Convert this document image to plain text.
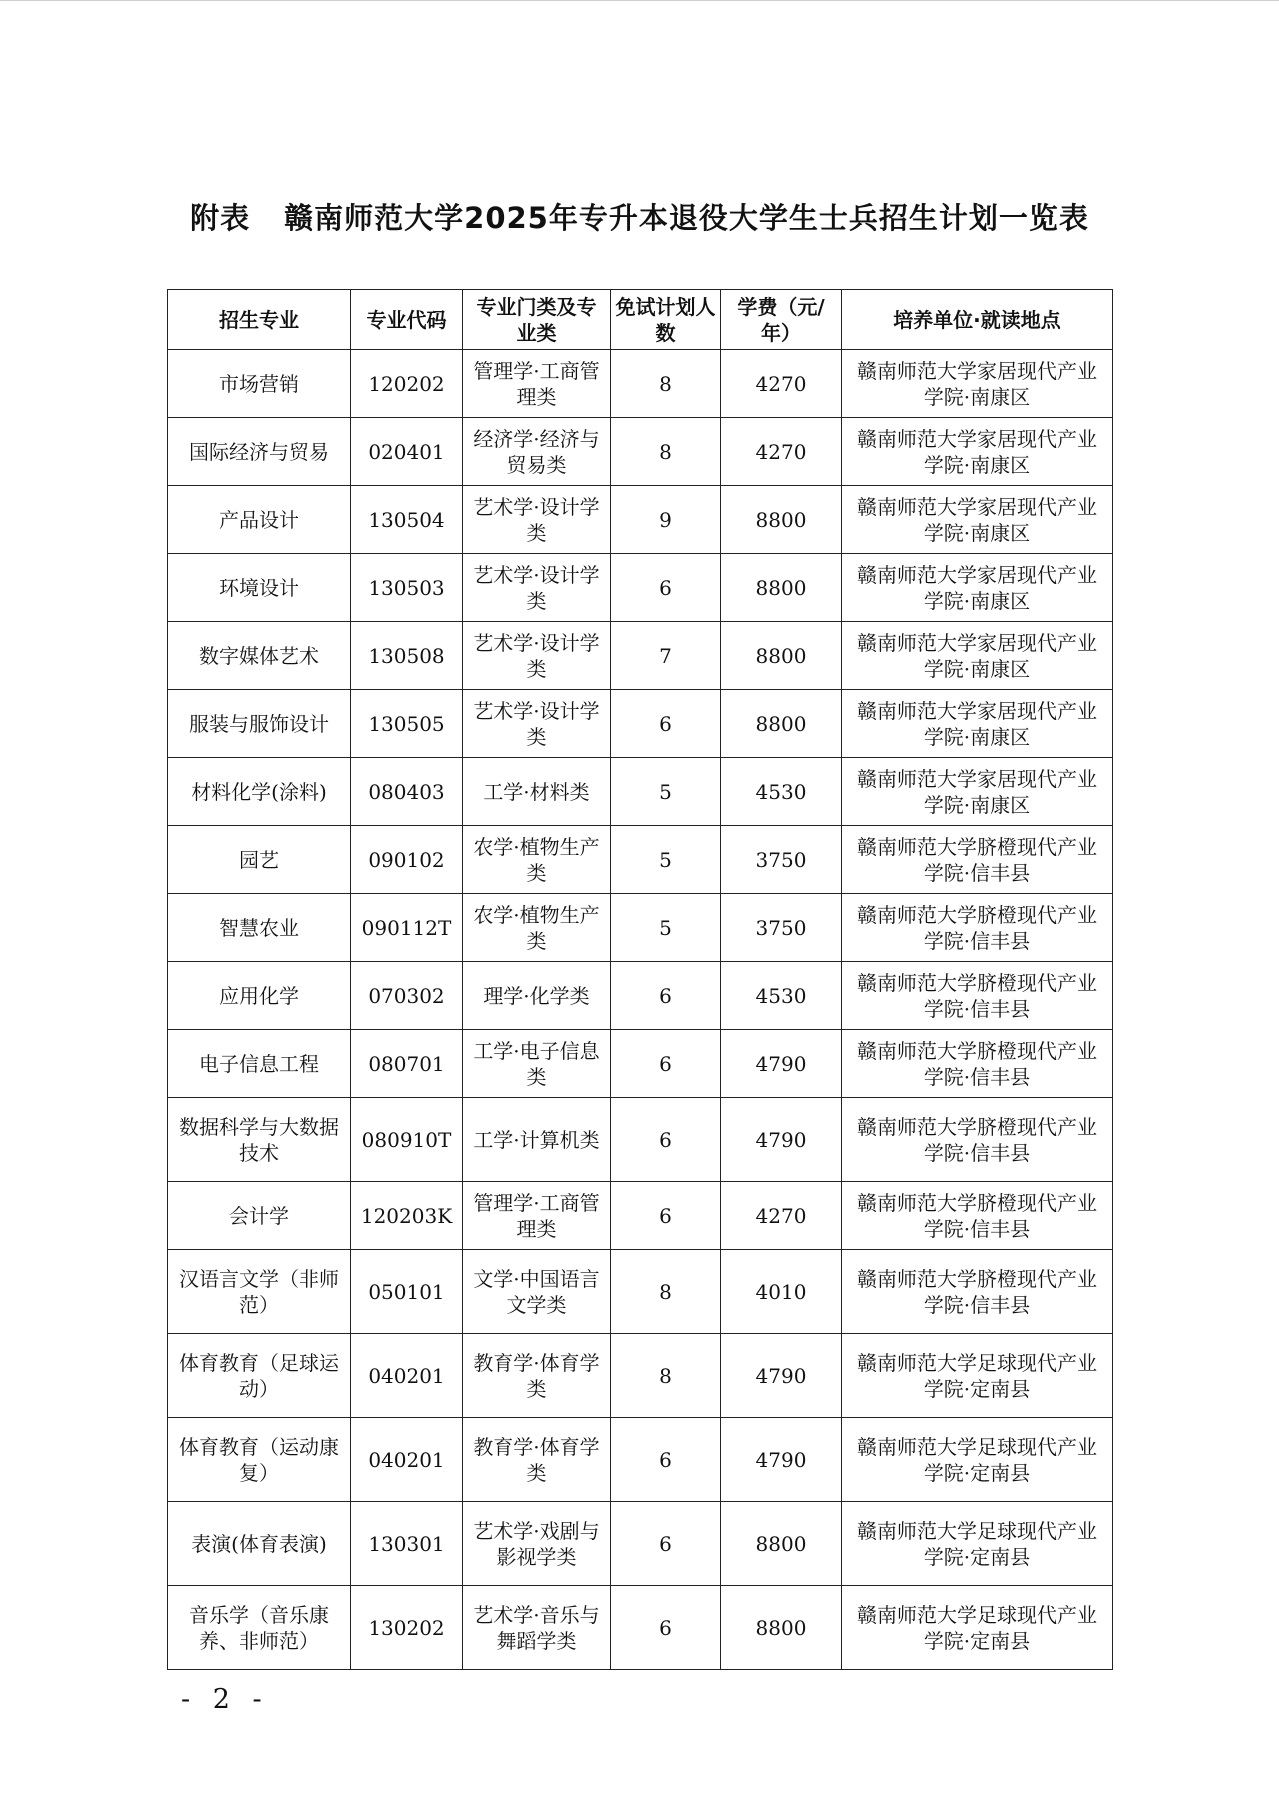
附表 赣南师范大学2025年专升本退役大学生士兵招生计划一览表
招生专业	专业代码	专业门类及专业类	免试计划人数	学费（元/年）	培养单位·就读地点
市场营销	120202	管理学·工商管理类	8	4270	赣南师范大学家居现代产业学院·南康区
国际经济与贸易	020401	经济学·经济与贸易类	8	4270	赣南师范大学家居现代产业学院·南康区
产品设计	130504	艺术学·设计学类	9	8800	赣南师范大学家居现代产业学院·南康区
环境设计	130503	艺术学·设计学类	6	8800	赣南师范大学家居现代产业学院·南康区
数字媒体艺术	130508	艺术学·设计学类	7	8800	赣南师范大学家居现代产业学院·南康区
服装与服饰设计	130505	艺术学·设计学类	6	8800	赣南师范大学家居现代产业学院·南康区
材料化学(涂料)	080403	工学·材料类	5	4530	赣南师范大学家居现代产业学院·南康区
园艺	090102	农学·植物生产类	5	3750	赣南师范大学脐橙现代产业学院·信丰县
智慧农业	090112T	农学·植物生产类	5	3750	赣南师范大学脐橙现代产业学院·信丰县
应用化学	070302	理学·化学类	6	4530	赣南师范大学脐橙现代产业学院·信丰县
电子信息工程	080701	工学·电子信息类	6	4790	赣南师范大学脐橙现代产业学院·信丰县
数据科学与大数据技术	080910T	工学·计算机类	6	4790	赣南师范大学脐橙现代产业学院·信丰县
会计学	120203K	管理学·工商管理类	6	4270	赣南师范大学脐橙现代产业学院·信丰县
汉语言文学（非师范）	050101	文学·中国语言文学类	8	4010	赣南师范大学脐橙现代产业学院·信丰县
体育教育（足球运动）	040201	教育学·体育学类	8	4790	赣南师范大学足球现代产业学院·定南县
体育教育（运动康复）	040201	教育学·体育学类	6	4790	赣南师范大学足球现代产业学院·定南县
表演(体育表演)	130301	艺术学·戏剧与影视学类	6	8800	赣南师范大学足球现代产业学院·定南县
音乐学（音乐康养、非师范）	130202	艺术学·音乐与舞蹈学类	6	8800	赣南师范大学足球现代产业学院·定南县
- 2 -
